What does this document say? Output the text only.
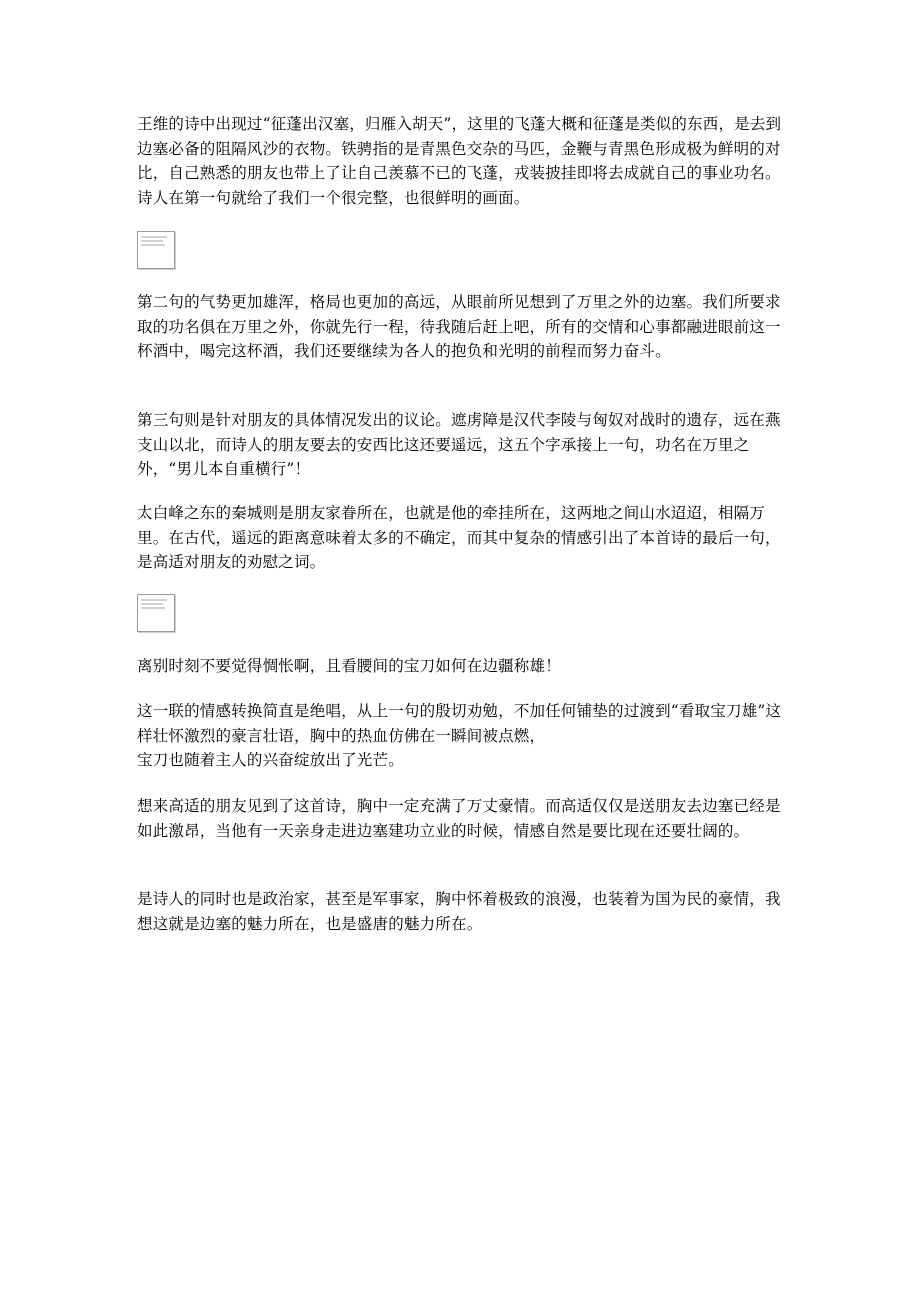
王维的诗中出现过“征蓬出汉塞，归雁入胡天”，这里的飞蓬大概和征蓬是类似的东西，是去到边塞必备的阻隔风沙的衣物。铁骋指的是青黑色交杂的马匹，金鞭与青黑色形成极为鲜明的对比，自己熟悉的朋友也带上了让自己羡慕不已的飞蓬，戎装披挂即将去成就自己的事业功名。诗人在第一句就给了我们一个很完整，也很鲜明的画面。

第二句的气势更加雄浑，格局也更加的高远，从眼前所见想到了万里之外的边塞。我们所要求取的功名俱在万里之外，你就先行一程，待我随后赶上吧，所有的交情和心事都融进眼前这一杯酒中，喝完这杯酒，我们还要继续为各人的抱负和光明的前程而努力奋斗。

第三句则是针对朋友的具体情况发出的议论。遮虏障是汉代李陵与匈奴对战时的遗存，远在燕支山以北，而诗人的朋友要去的安西比这还要遥远，这五个字承接上一句，功名在万里之外，“男儿本自重横行”！

太白峰之东的秦城则是朋友家眷所在，也就是他的牵挂所在，这两地之间山水迢迢，相隔万里。在古代，遥远的距离意味着太多的不确定，而其中复杂的情感引出了本首诗的最后一句，是高适对朋友的劝慰之词。

离别时刻不要觉得惆怅啊，且看腰间的宝刀如何在边疆称雄！

这一联的情感转换简直是绝唱，从上一句的殷切劝勉，不加任何铺垫的过渡到“看取宝刀雄”这样壮怀激烈的豪言壮语，胸中的热血仿佛在一瞬间被点燃，
宝刀也随着主人的兴奋绽放出了光芒。

想来高适的朋友见到了这首诗，胸中一定充满了万丈豪情。而高适仅仅是送朋友去边塞已经是如此激昂，当他有一天亲身走进边塞建功立业的时候，情感自然是要比现在还要壮阔的。

是诗人的同时也是政治家，甚至是军事家，胸中怀着极致的浪漫，也装着为国为民的豪情，我想这就是边塞的魅力所在，也是盛唐的魅力所在。
